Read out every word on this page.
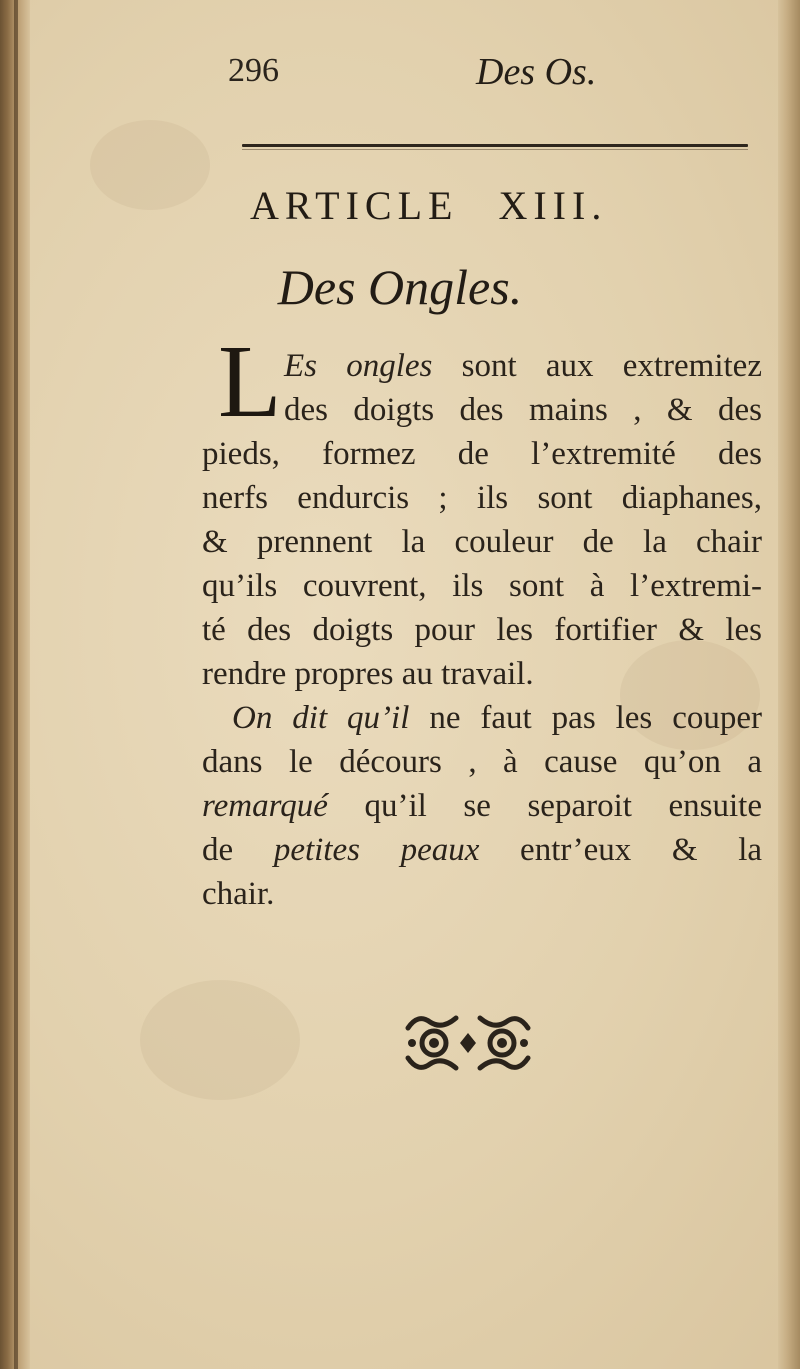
296	Des Os.
ARTICLE XIII.
Des Ongles.
L Es ongles sont aux extremitez
des doigts des mains , & des
pieds, formez de l’extremité des
nerfs endurcis ; ils sont diaphanes,
& prennent la couleur de la chair
qu’ils couvrent, ils sont à l’extremi-
té des doigts pour les fortifier & les
rendre propres au travail.
On dit qu’il ne faut pas les couper
dans le décours , à cause qu’on a
remarqué qu’il se separoit ensuite
de petites peaux entr’eux & la
chair.
